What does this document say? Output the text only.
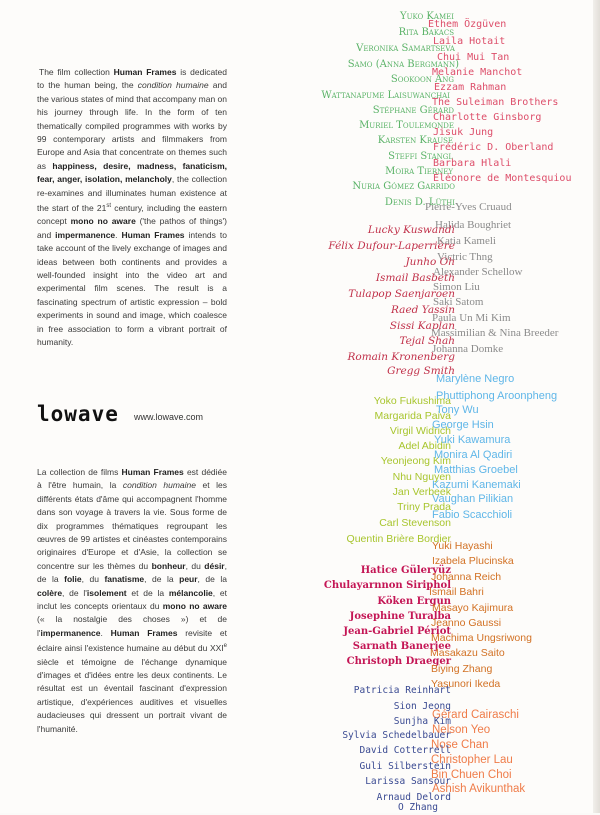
The film collection Human Frames is dedicated to the human being, the condition humaine and the various states of mind that accompany man on his journey through life. In the form of ten thematically compiled programmes with works by 99 contemporary artists and filmmakers from Europe and Asia that concentrate on themes such as happiness, desire, madness, fanaticism, fear, anger, isolation, melancholy, the collection re-examines and illuminates human existence at the start of the 21st century, including the eastern concept mono no aware ('the pathos of things') and impermanence. Human Frames intends to take account of the lively exchange of images and ideas between both continents and provides a well-founded insight into the video art and experimental film scenes. The result is a fascinating spectrum of artistic expression – bold experiments in sound and image, which coalesce in free association to form a vibrant portrait of humanity.
lowave www.lowave.com
La collection de films Human Frames est dédiée à l'être humain, la condition humaine et les différents états d'âme qui accompagnent l'homme dans son voyage à travers la vie. Sous forme de dix programmes thématiques regroupant les œuvres de 99 artistes et cinéastes contemporains originaires d'Europe et d'Asie, la collection se concentre sur les thèmes du bonheur, du désir, de la folie, du fanatisme, de la peur, de la colère, de l'isolement et de la mélancolie, et inclut les concepts orientaux du mono no aware (« la nostalgie des choses ») et de l'impermanence. Human Frames revisite et éclaire ainsi l'existence humaine au début du XXIe siècle et témoigne de l'échange dynamique d'images et d'idées entre les deux continents. Le résultat est un éventail fascinant d'expression artistique, d'expériences auditives et visuelles audacieuses qui dressent un portrait vivant de l'humanité.
Yuko Kamei
Ethem Özgüven
Rita Bakacs
Laila Hotait
Veronika Samartseva
Chui Mui Tan
Samo (Anna Bergmann)
Melanie Manchot
Sookoon Ang
Ezzam Rahman
Wattanapume Laisuwanchai
The Suleiman Brothers
Stéphane Gérard
Charlotte Ginsborg
Muriel Toulemonde
Jisuk Jung
Karsten Krause
Frédéric D. Oberland
Steffi Stangl
Barbara Hlali
Moira Tierney
Éléonore de Montesquiou
Nuria Gómez Garrido
Denis D. Lüthi
Pierre-Yves Cruaud
Halida Boughriet
Lucky Kuswandi
Félix Dufour-Laperrière
Katia Kameli
Junho Oh
Victric Thng
Ismail Basbeth
Alexander Schellow
Tulapop Saenjaroen
Simon Liu
Raed Yassin
Saki Satom
Sissi Kaplan
Paula Un Mi Kim
Tejal Shah
Massimilian & Nina Breeder
Romain Kronenberg
Johanna Domke
Gregg Smith
Marylène Negro
Yoko Fukushima
Phuttiphong Aroonpheng
Margarida Paiva
Tony Wu
Virgil Widrich
George Hsin
Adel Abidin
Yuki Kawamura
Yeonjeong Kim
Monira Al Qadiri
Nhu Nguyen
Matthias Groebel
Jan Verbeek
Kazumi Kanemaki
Triny Prada
Vaughan Pilikian
Carl Stevenson
Fabio Scacchioli
Quentin Brière Bordier
Yuki Hayashi
Hatice Güleryüz
Izabela Plucinska
Chulayarnnon Siriphol
Johanna Reich
Köken Ergun
Ismail Bahri
Josephine Turalba
Masayo Kajimura
Jean-Gabriel Périot
Jeanno Gaussi
Sarnath Banerjee
Machima Ungsriwong
Christoph Draeger
Masakazu Saito
Biying Zhang
Yasunori Ikeda
Patricia Reinhart
Sion Jeong
Gérard Cairaschi
Sunjha Kim
Nelson Yeo
Sylvia Schedelbauer
Nose Chan
David Cotterrell
Christopher Lau
Guli Silberstein
Bin Chuen Choi
Larissa Sansour
Ashish Avikunthak
Arnaud Delord
O Zhang
